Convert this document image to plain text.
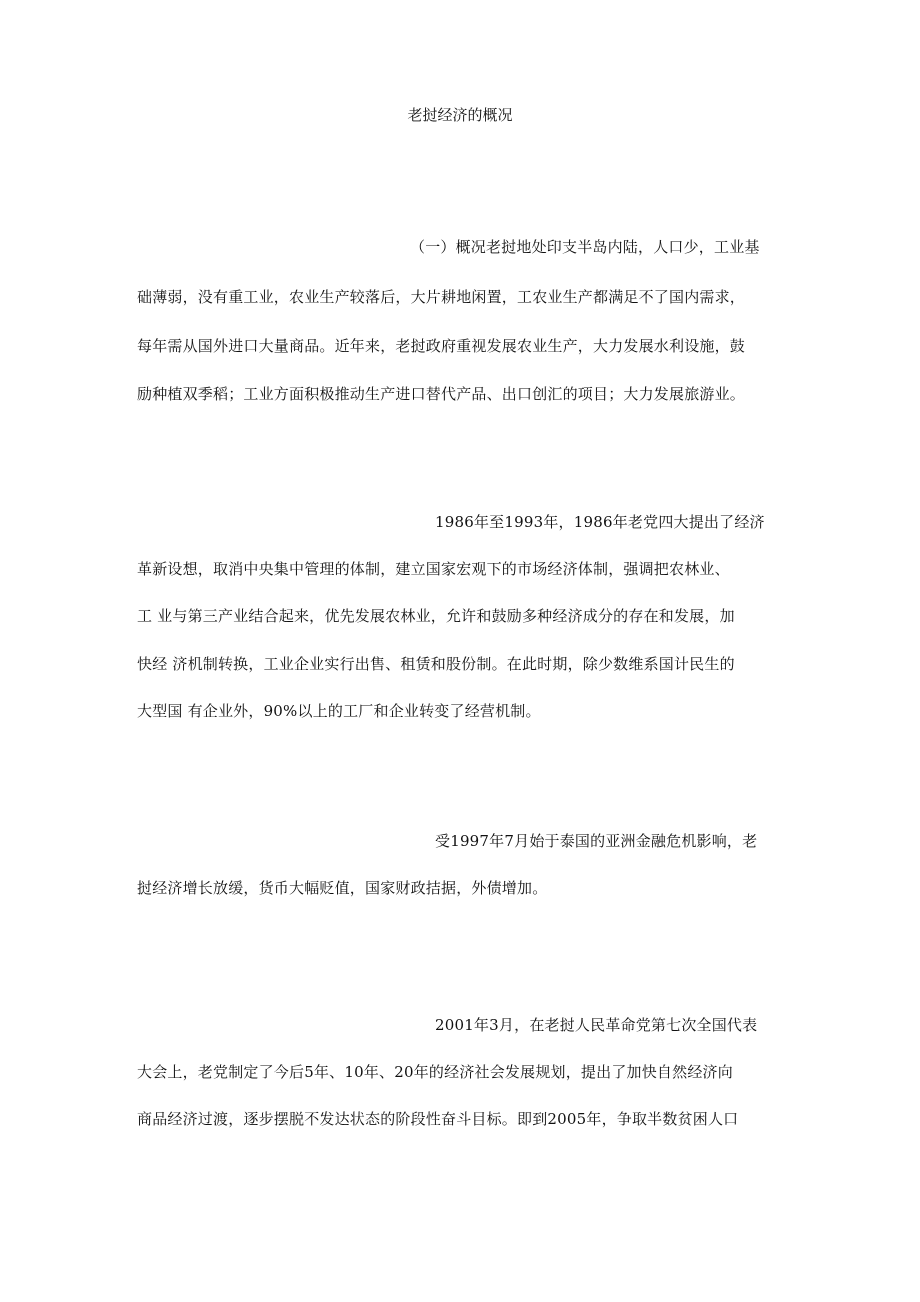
老挝经济的概况
（一）概况老挝地处印支半岛内陆，人口少，工业基
础薄弱，没有重工业，农业生产较落后，大片耕地闲置，工农业生产都满足不了国内需求，
每年需从国外进口大量商品。近年来，老挝政府重视发展农业生产，大力发展水利设施，鼓
励种植双季稻；工业方面积极推动生产进口替代产品、出口创汇的项目；大力发展旅游业。
1986年至1993年，1986年老党四大提出了经济
革新设想，取消中央集中管理的体制，建立国家宏观下的市场经济体制，强调把农林业、
工 业与第三产业结合起来，优先发展农林业，允许和鼓励多种经济成分的存在和发展，加
快经 济机制转换，工业企业实行出售、租赁和股份制。在此时期，除少数维系国计民生的
大型国 有企业外，90%以上的工厂和企业转变了经营机制。
受1997年7月始于泰国的亚洲金融危机影响，老
挝经济增长放缓，货币大幅贬值，国家财政拮据，外债增加。
2001年3月，在老挝人民革命党第七次全国代表
大会上，老党制定了今后5年、10年、20年的经济社会发展规划，提出了加快自然经济向
商品经济过渡，逐步摆脱不发达状态的阶段性奋斗目标。即到2005年，争取半数贫困人口
